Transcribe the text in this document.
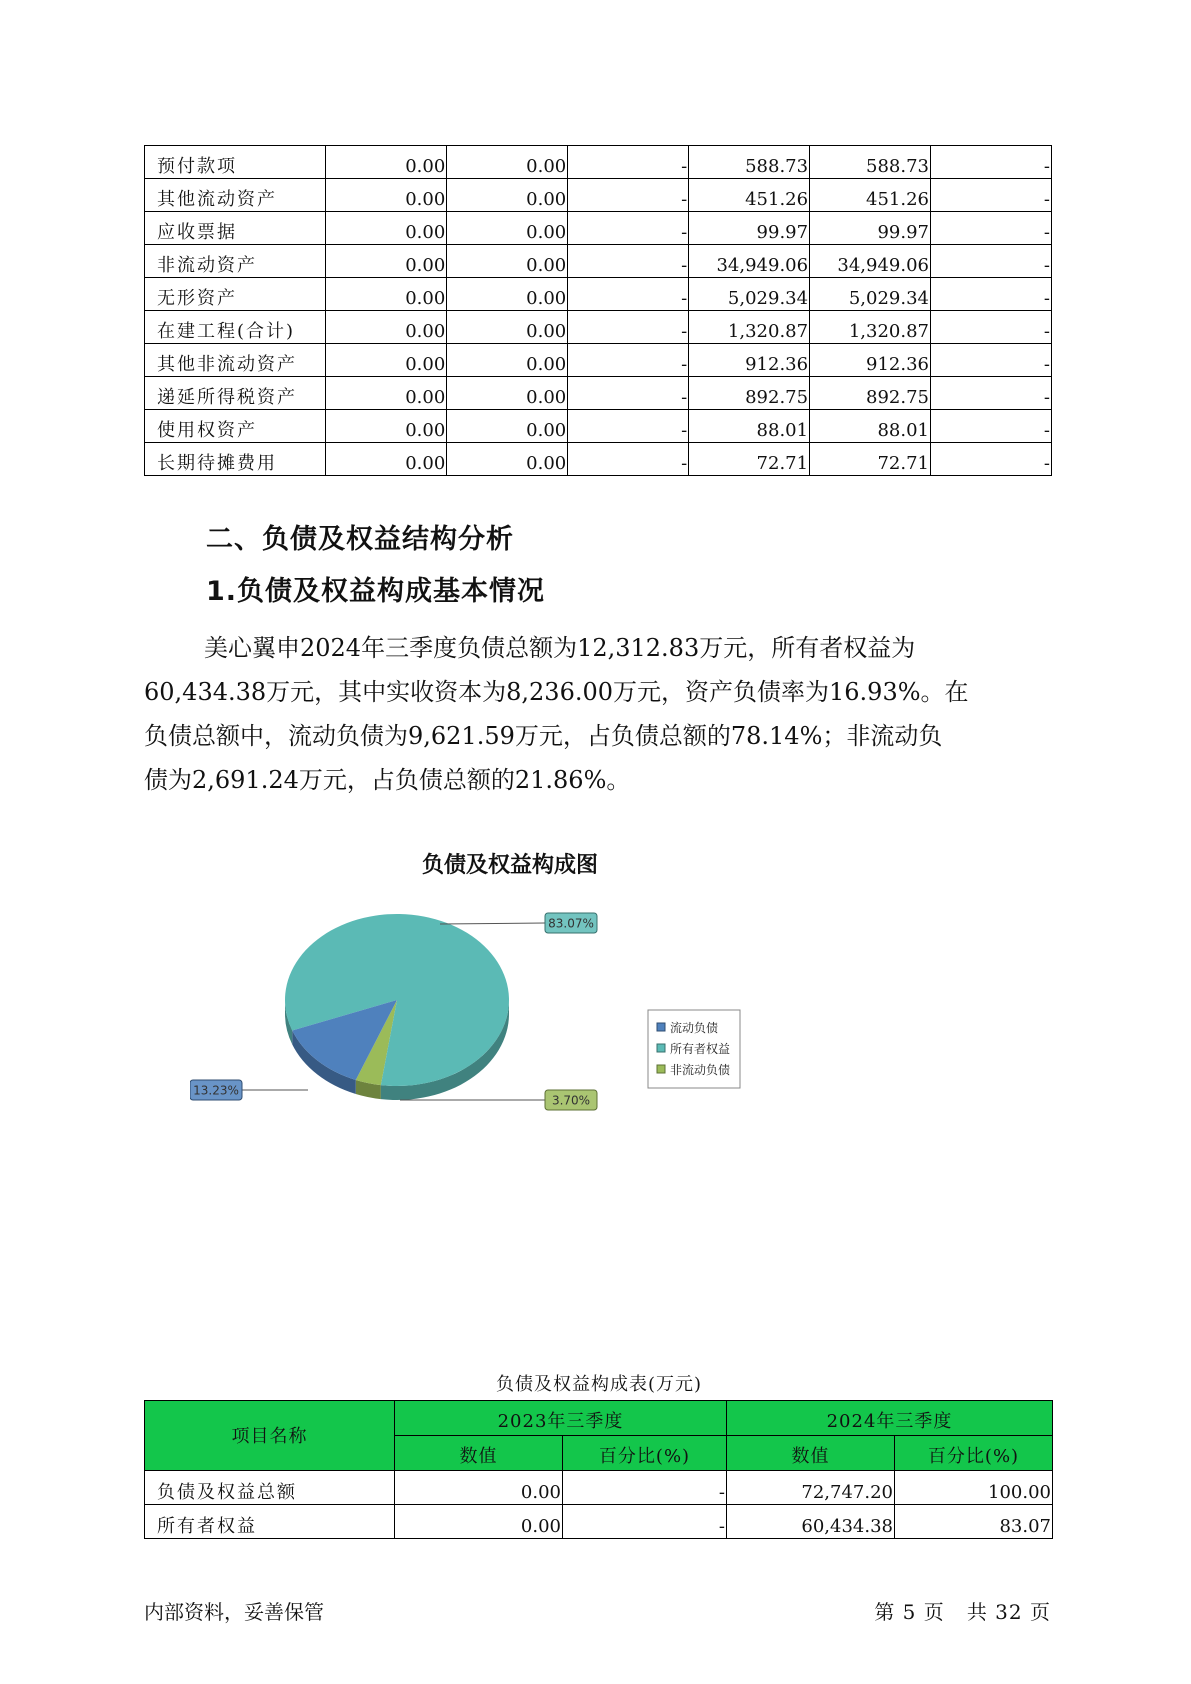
预付款项	0.00	0.00	-	588.73	588.73	-
其他流动资产	0.00	0.00	-	451.26	451.26	-
应收票据	0.00	0.00	-	99.97	99.97	-
非流动资产	0.00	0.00	-	34,949.06	34,949.06	-
无形资产	0.00	0.00	-	5,029.34	5,029.34	-
在建工程(合计)	0.00	0.00	-	1,320.87	1,320.87	-
其他非流动资产	0.00	0.00	-	912.36	912.36	-
递延所得税资产	0.00	0.00	-	892.75	892.75	-
使用权资产	0.00	0.00	-	88.01	88.01	-
长期待摊费用	0.00	0.00	-	72.71	72.71	-
二、负债及权益结构分析
1.负债及权益构成基本情况
美心翼申2024年三季度负债总额为12,312.83万元，所有者权益为
60,434.38万元，其中实收资本为8,236.00万元，资产负债率为16.93%。在
负债总额中，流动负债为9,621.59万元，占负债总额的78.14%；非流动负
债为2,691.24万元，占负债总额的21.86%。
负债及权益构成图
13.23%
83.07%
3.70%
流动负债
所有者权益
非流动负债
负债及权益构成表(万元)
项目名称	2023年三季度		2024年三季度	
	数值	百分比(%)	数值	百分比(%)
负债及权益总额	0.00	-	72,747.20	100.00
所有者权益	0.00	-	60,434.38	83.07
内部资料，妥善保管	第 5 页   共 32 页
